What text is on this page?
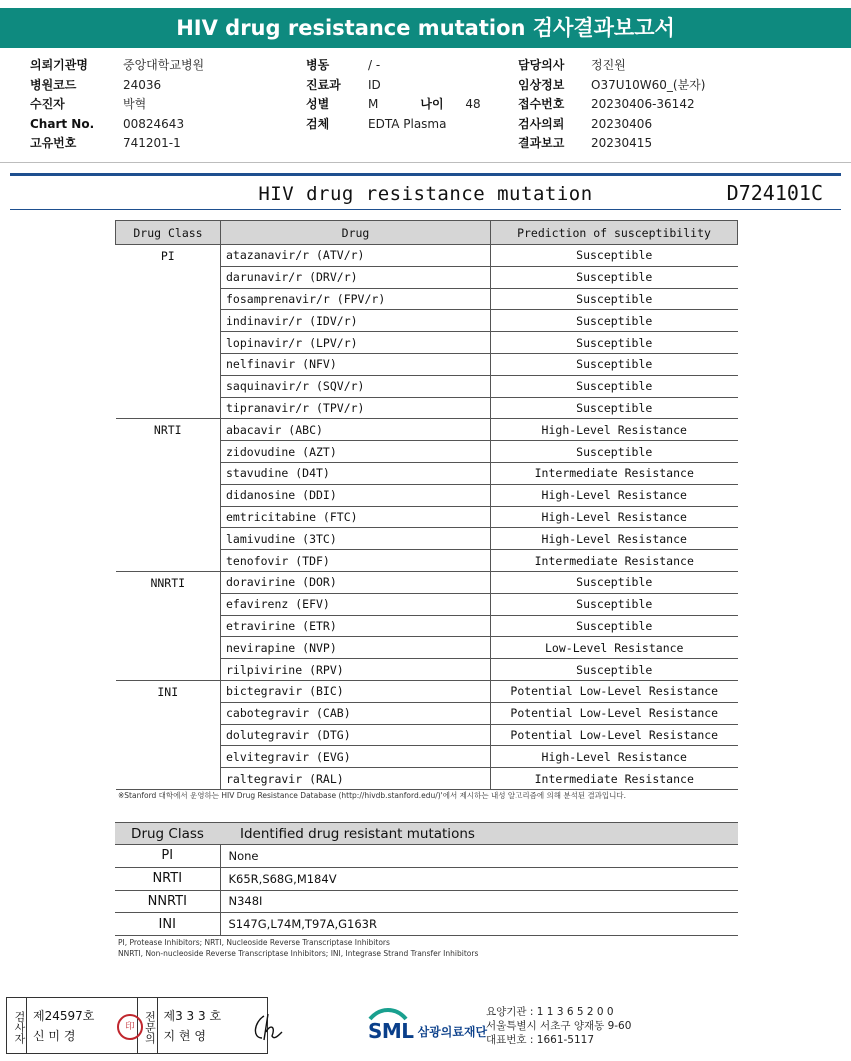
HIV drug resistance mutation 검사결과보고서
의뢰기관명	중앙대학교병원
병원코드	24036
수진자	박혁
Chart No.	00824643
고유번호	741201-1
병동	/ -
진료과	ID
성별	M	나이	48
검체	EDTA Plasma
담당의사	정진원
임상정보	O37U10W60_(분자)
접수번호	20230406-36142
검사의뢰	20230406
결과보고	20230415
HIV drug resistance mutation	D724101C
Drug Class	Drug	Prediction of susceptibility
PI	atazanavir/r (ATV/r)	Susceptible
	darunavir/r (DRV/r)	Susceptible
	fosamprenavir/r (FPV/r)	Susceptible
	indinavir/r (IDV/r)	Susceptible
	lopinavir/r (LPV/r)	Susceptible
	nelfinavir (NFV)	Susceptible
	saquinavir/r (SQV/r)	Susceptible
	tipranavir/r (TPV/r)	Susceptible
NRTI	abacavir (ABC)	High-Level Resistance
	zidovudine (AZT)	Susceptible
	stavudine (D4T)	Intermediate Resistance
	didanosine (DDI)	High-Level Resistance
	emtricitabine (FTC)	High-Level Resistance
	lamivudine (3TC)	High-Level Resistance
	tenofovir (TDF)	Intermediate Resistance
NNRTI	doravirine (DOR)	Susceptible
	efavirenz (EFV)	Susceptible
	etravirine (ETR)	Susceptible
	nevirapine (NVP)	Low-Level Resistance
	rilpivirine (RPV)	Susceptible
INI	bictegravir (BIC)	Potential Low-Level Resistance
	cabotegravir (CAB)	Potential Low-Level Resistance
	dolutegravir (DTG)	Potential Low-Level Resistance
	elvitegravir (EVG)	High-Level Resistance
	raltegravir (RAL)	Intermediate Resistance
※Stanford 대학에서 운영하는 HIV Drug Resistance Database (http://hivdb.stanford.edu/)'에서 제시하는 내성 알고리즘에 의해 분석된 결과입니다.
Drug Class	Identified drug resistant mutations
PI	None
NRTI	K65R,S68G,M184V
NNRTI	N348I
INI	S147G,L74M,T97A,G163R
PI, Protease Inhibitors; NRTI, Nucleoside Reverse Transcriptase Inhibitors
NNRTI, Non-nucleoside Reverse Transcriptase Inhibitors; INI, Integrase Strand Transfer Inhibitors
검사자 제24597호
신 미 경
印 전문의 제3 3 3 호
지 현 영	SML 삼광의료재단
요양기관 : 1 1 3 6 5 2 0 0
서울특별시 서초구 양재동 9-60
대표번호 : 1661-5117
